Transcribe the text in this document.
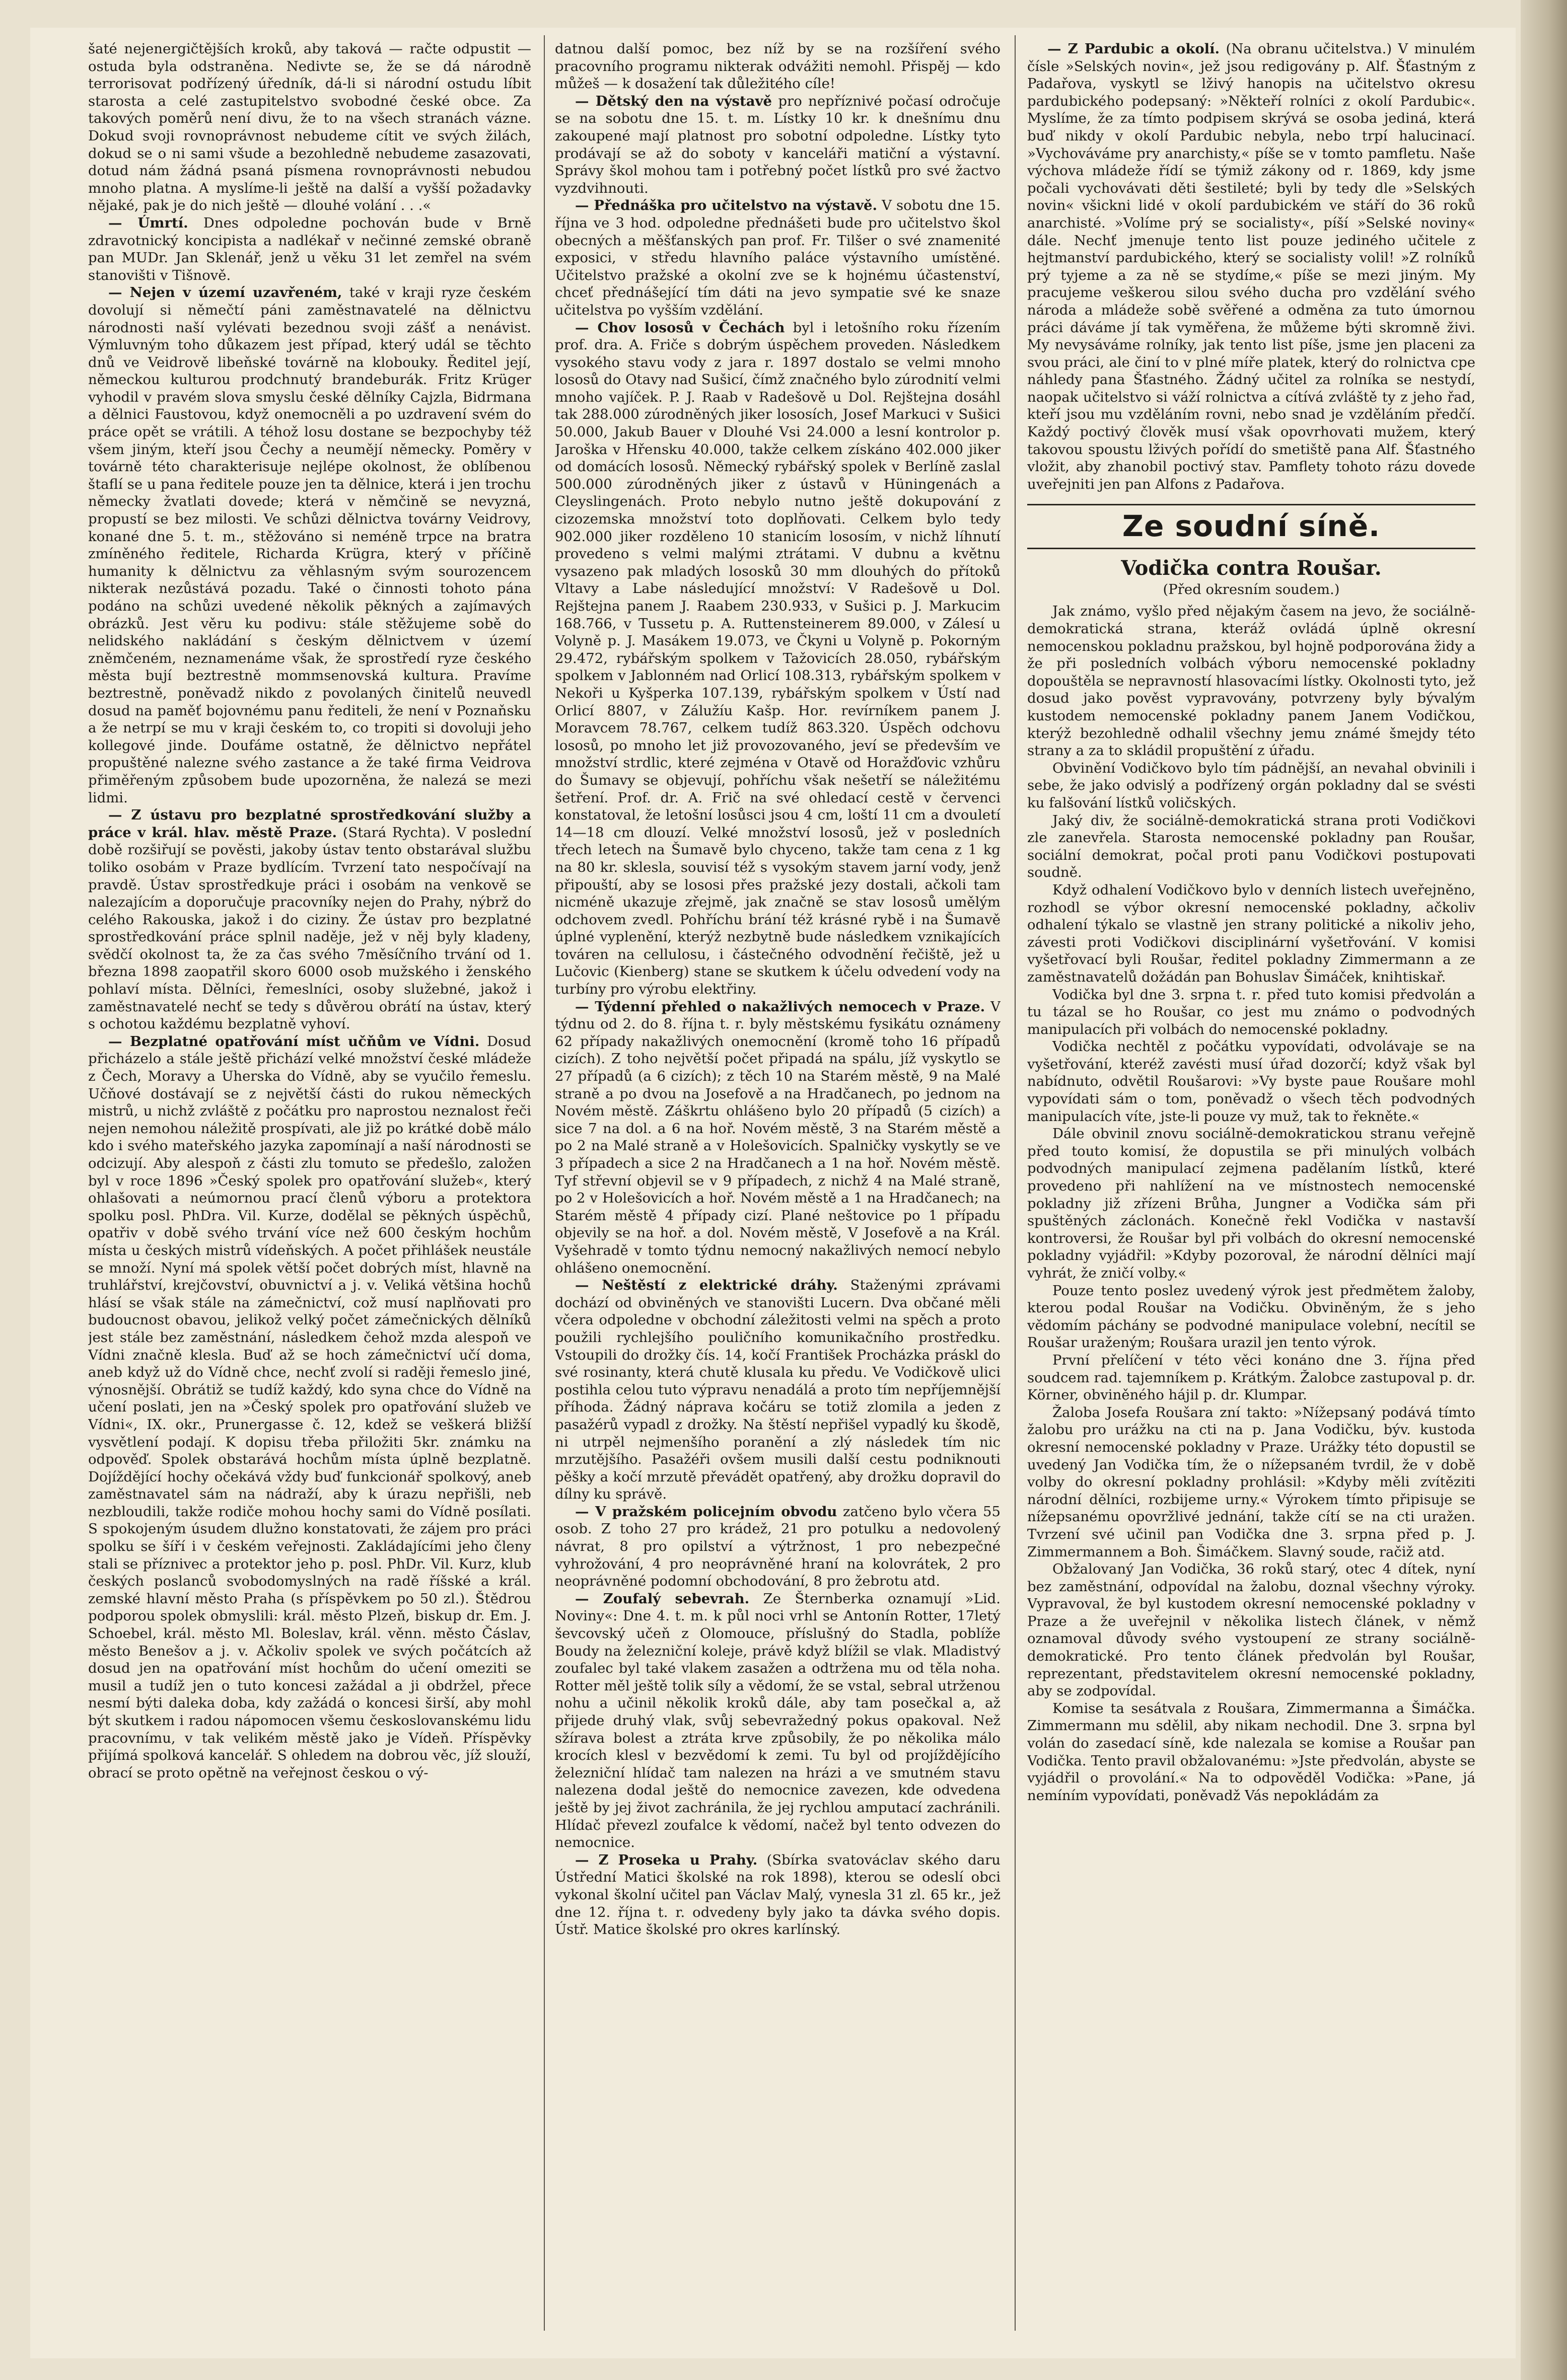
šaté nejenergičtějších kroků, aby taková — račte odpustit — ostuda byla odstraněna. Nedivte se, že se dá národně terrorisovat podřízený úředník, dá-li si národní ostudu líbit starosta a celé zastupitelstvo svobodné české obce. Za takových poměrů není divu, že to na všech stranách vázne. Dokud svoji rovnoprávnost nebudeme cítit ve svých žilách, dokud se o ni sami všude a bezohledně nebudeme zasazovati, dotud nám žádná psaná písmena rovnoprávnosti nebudou mnoho platna. A myslíme-li ještě na další a vyšší požadavky nějaké, pak je do nich ještě — dlouhé volání . . .«

— Úmrtí. Dnes odpoledne pochován bude v Brně zdravotnický koncipista a nadlékař v nečinné zemské obraně pan MUDr. Jan Sklenář, jenž u věku 31 let zemřel na svém stanovišti v Tišnově.

— Nejen v území uzavřeném, také v kraji ryze českém dovolují si němečtí páni zaměstnavatelé na dělnictvu národnosti naší vylévati bezednou svoji zášť a nenávist. Výmluvným toho důkazem jest případ, který udál se těchto dnů ve Veidrově libeňské továrně na klobouky. Ředitel její, německou kulturou prodchnutý brandeburák. Fritz Krüger vyhodil v pravém slova smyslu české dělníky Cajzla, Bidrmana a dělnici Faustovou, když onemocněli a po uzdravení svém do práce opět se vrátili. A téhož losu dostane se bezpochyby též všem jiným, kteří jsou Čechy a neumějí německy. Poměry v továrně této charakterisuje nejlépe okolnost, že oblíbenou štaflí se u pana ředitele pouze jen ta dělnice, která i jen trochu německy žvatlati dovede; která v němčině se nevyzná, propustí se bez milosti. Ve schůzi dělnictva továrny Veidrovy, konané dne 5. t. m., stěžováno si neméně trpce na bratra zmíněného ředitele, Richarda Krügra, který v příčině humanity k dělnictvu za věhlasným svým sourozencem nikterak nezůstává pozadu. Také o činnosti tohoto pána podáno na schůzi uvedené několik pěkných a zajímavých obrázků. Jest věru ku podivu: stále stěžujeme sobě do nelidského nakládání s českým dělnictvem v území zněmčeném, neznamenáme však, že sprostředí ryze českého města bují beztrestně mommsenovská kultura. Pravíme beztrestně, poněvadž nikdo z povolaných činitelů neuvedl dosud na paměť bojovnému panu řediteli, že není v Poznaňsku a že netrpí se mu v kraji českém to, co tropiti si dovoluji jeho kollegové jinde. Doufáme ostatně, že dělnictvo nepřátel propuštěné nalezne svého zastance a že také firma Veidrova přiměřeným způsobem bude upozorněna, že nalezá se mezi lidmi.

— Z ústavu pro bezplatné sprostředkování služby a práce v král. hlav. městě Praze. (Stará Rychta). V poslední době rozšiřují se pověsti, jakoby ústav tento obstarával službu toliko osobám v Praze bydlícím. Tvrzení tato nespočívají na pravdě. Ústav sprostředkuje práci i osobám na venkově se nalezajícím a doporučuje pracovníky nejen do Prahy, nýbrž do celého Rakouska, jakož i do ciziny. Že ústav pro bezplatné sprostředkování práce splnil naděje, jež v něj byly kladeny, svědčí okolnost ta, že za čas svého 7měsíčního trvání od 1. března 1898 zaopatřil skoro 6000 osob mužského i ženského pohlaví místa. Dělníci, řemeslníci, osoby služebné, jakož i zaměstnavatelé nechť se tedy s důvěrou obrátí na ústav, který s ochotou každému bezplatně vyhoví.

— Bezplatné opatřování míst učňům ve Vídni. Dosud přicházelo a stále ještě přichází velké množství české mládeže z Čech, Moravy a Uherska do Vídně, aby se vyučilo řemeslu. Učňové dostávají se z největší části do rukou německých mistrů, u nichž zvláště z počátku pro naprostou neznalost řeči nejen nemohou náležitě prospívati, ale již po krátké době málo kdo i svého mateřského jazyka zapomínají a naší národnosti se odcizují. Aby alespoň z části zlu tomuto se předešlo, založen byl v roce 1896 »Český spolek pro opatřování služeb«, který ohlašovati a neúmornou prací členů výboru a protektora spolku posl. PhDra. Vil. Kurze, dodělal se pěkných úspěchů, opatřiv v době svého trvání více než 600 českým hochům místa u českých mistrů vídeňských. A počet přihlášek neustále se množí. Nyní má spolek větší počet dobrých míst, hlavně na truhlářství, krejčovství, obuvnictví a j. v. Veliká většina hochů hlásí se však stále na zámečnictví, což musí naplňovati pro budoucnost obavou, jelikož velký počet zámečnických dělníků jest stále bez zaměstnání, následkem čehož mzda alespoň ve Vídni značně klesla. Buď až se hoch zámečnictví učí doma, aneb když už do Vídně chce, nechť zvolí si raději řemeslo jiné, výnosnější. Obrátiž se tudíž každý, kdo syna chce do Vídně na učení poslati, jen na »Český spolek pro opatřování služeb ve Vídni«, IX. okr., Prunergasse č. 12, kdež se veškerá bližší vysvětlení podají. K dopisu třeba přiložiti 5kr. známku na odpověď. Spolek obstarává hochům místa úplně bezplatně. Dojíždějící hochy očekává vždy buď funkcionář spolkový, aneb zaměstnavatel sám na nádraží, aby k úrazu nepřišli, neb nezbloudili, takže rodiče mohou hochy sami do Vídně posílati. S spokojeným úsudem dlužno konstatovati, že zájem pro práci spolku se šíří i v českém veřejnosti. Zakládajícími jeho členy stali se příznivec a protektor jeho p. posl. PhDr. Vil. Kurz, klub českých poslanců svobodomyslných na radě říšské a král. zemské hlavní město Praha (s příspěvkem po 50 zl.). Štědrou podporou spolek obmyslili: král. město Plzeň, biskup dr. Em. J. Schoebel, král. město Ml. Boleslav, král. věnn. město Čáslav, město Benešov a j. v. Ačkoliv spolek ve svých počátcích až dosud jen na opatřování míst hochům do učení omeziti se musil a tudíž jen o tuto koncesi zažádal a ji obdržel, přece nesmí býti daleka doba, kdy zažádá o koncesi širší, aby mohl být skutkem i radou nápomocen všemu českoslovanskému lidu pracovnímu, v tak velikém městě jako je Vídeň. Příspěvky přijímá spolková kancelář. S ohledem na dobrou věc, jíž slouží, obrací se proto opětně na veřejnost českou o vý-

datnou další pomoc, bez níž by se na rozšíření svého pracovního programu nikterak odvážiti nemohl. Přispěj — kdo můžeš — k dosažení tak důležitého cíle!

— Dětský den na výstavě pro nepříznivé počasí odročuje se na sobotu dne 15. t. m. Lístky 10 kr. k dnešnímu dnu zakoupené mají platnost pro sobotní odpoledne. Lístky tyto prodávají se až do soboty v kanceláři matiční a výstavní. Správy škol mohou tam i potřebný počet lístků pro své žactvo vyzdvihnouti.

— Přednáška pro učitelstvo na výstavě. V sobotu dne 15. října ve 3 hod. odpoledne přednášeti bude pro učitelstvo škol obecných a měšťanských pan prof. Fr. Tilšer o své znamenité exposici, v středu hlavního paláce výstavního umístěné. Učitelstvo pražské a okolní zve se k hojnému účastenství, chceť přednášející tím dáti na jevo sympatie své ke snaze učitelstva po vyšším vzdělání.

— Chov lososů v Čechách byl i letošního roku řízením prof. dra. A. Friče s dobrým úspěchem proveden. Následkem vysokého stavu vody z jara r. 1897 dostalo se velmi mnoho lososů do Otavy nad Sušicí, čímž značného bylo zúrodnití velmi mnoho vajíček. P. J. Raab v Radešově u Dol. Rejštejna dosáhl tak 288.000 zúrodněných jiker lososích, Josef Markuci v Sušici 50.000, Jakub Bauer v Dlouhé Vsi 24.000 a lesní kontrolor p. Jaroška v Hřensku 40.000, takže celkem získáno 402.000 jiker od domácích lososů. Německý rybářský spolek v Berlíně zaslal 500.000 zúrodněných jiker z ústavů v Hüningenách a Cleyslingenách. Proto nebylo nutno ještě dokupování z cizozemska množství toto doplňovati. Celkem bylo tedy 902.000 jiker rozděleno 10 stanicím lososím, v nichž líhnutí provedeno s velmi malými ztrátami. V dubnu a květnu vysazeno pak mladých lososků 30 mm dlouhých do přítoků Vltavy a Labe následující množství: V Radešově u Dol. Rejštejna panem J. Raabem 230.933, v Sušici p. J. Markucim 168.766, v Tussetu p. A. Ruttensteinerem 89.000, v Zálesí u Volyně p. J. Masákem 19.073, ve Čkyni u Volyně p. Pokorným 29.472, rybářským spolkem v Tažovicích 28.050, rybářským spolkem v Jablonném nad Orlicí 108.313, rybářským spolkem v Nekoři u Kyšperka 107.139, rybářským spolkem v Ústí nad Orlicí 8807, v Zálužíu Kašp. Hor. revírníkem panem J. Moravcem 78.767, celkem tudíž 863.320. Úspěch odchovu lososů, po mnoho let již provozovaného, jeví se především ve množství strdlic, které zejména v Otavě od Horažďovic vzhůru do Šumavy se objevují, pohříchu však nešetří se náležitému šetření. Prof. dr. A. Frič na své ohledací cestě v červenci konstatoval, že letošní losůsci jsou 4 cm, loští 11 cm a dvouletí 14—18 cm dlouzí. Velké množství lososů, jež v posledních třech letech na Šumavě bylo chyceno, takže tam cena z 1 kg na 80 kr. sklesla, souvisí též s vysokým stavem jarní vody, jenž připouští, aby se lososi přes pražské jezy dostali, ačkoli tam nicméně ukazuje zřejmě, jak značně se stav lososů umělým odchovem zvedl. Pohříchu brání též krásné rybě i na Šumavě úplné vyplenění, kterýž nezbytně bude následkem vznikajících továren na cellulosu, i částečného odvodnění řečiště, jež u Lučovic (Kienberg) stane se skutkem k účelu odvedení vody na turbíny pro výrobu elektřiny.

— Týdenní přehled o nakažlivých nemocech v Praze. V týdnu od 2. do 8. října t. r. byly městskému fysikátu oznámeny 62 případy nakažlivých onemocnění (kromě toho 16 případů cizích). Z toho největší počet připadá na spálu, jíž vyskytlo se 27 případů (a 6 cizích); z těch 10 na Starém městě, 9 na Malé straně a po dvou na Josefově a na Hradčanech, po jednom na Novém městě. Záškrtu ohlášeno bylo 20 případů (5 cizích) a sice 7 na dol. a 6 na hoř. Novém městě, 3 na Starém městě a po 2 na Malé straně a v Holešovicích. Spalničky vyskytly se ve 3 případech a sice 2 na Hradčanech a 1 na hoř. Novém městě. Tyf střevní objevil se v 9 případech, z nichž 4 na Malé straně, po 2 v Holešovicích a hoř. Novém městě a 1 na Hradčanech; na Starém městě 4 případy cizí. Plané neštovice po 1 případu objevily se na hoř. a dol. Novém městě, V Josefově a na Král. Vyšehradě v tomto týdnu nemocný nakažlivých nemocí nebylo ohlášeno onemocnění.

— Neštěstí z elektrické dráhy. Staženými zprávami dochází od obviněných ve stanovišti Lucern. Dva občané měli včera odpoledne v obchodní záležitosti velmi na spěch a proto použili rychlejšího pouličního komunikačního prostředku. Vstoupili do drožky čís. 14, kočí František Procházka práskl do své rosinanty, která chutě klusala ku předu. Ve Vodičkově ulici postihla celou tuto výpravu nenadálá a proto tím nepříjemnější příhoda. Žádný náprava kočáru se totiž zlomila a jeden z pasažérů vypadl z drožky. Na štěstí nepřišel vypadlý ku škodě, ni utrpěl nejmenšího poranění a zlý následek tím nic mrzutějšího. Pasažéři ovšem musili další cestu podniknouti pěšky a kočí mrzutě převádět opatřený, aby drožku dopravil do dílny ku správě.

— V pražském policejním obvodu zatčeno bylo včera 55 osob. Z toho 27 pro krádež, 21 pro potulku a nedovolený návrat, 8 pro opilství a výtržnost, 1 pro nebezpečné vyhrožování, 4 pro neoprávněné hraní na kolovrátek, 2 pro neoprávněné podomní obchodování, 8 pro žebrotu atd.

— Zoufalý sebevrah. Ze Šternberka oznamují »Lid. Noviny«: Dne 4. t. m. k půl noci vrhl se Antonín Rotter, 17letý ševcovský učeň z Olomouce, příslušný do Stadla, poblíže Boudy na železniční koleje, právě když blížil se vlak. Mladistvý zoufalec byl také vlakem zasažen a odtržena mu od těla noha. Rotter měl ještě tolik síly a vědomí, že se vstal, sebral utrženou nohu a učinil několik kroků dále, aby tam posečkal a, až přijede druhý vlak, svůj sebevražedný pokus opakoval. Než sžírava bolest a ztráta krve způsobily, že po několika málo krocích klesl v bezvědomí k zemi. Tu byl od projíždějícího železniční hlídač tam nalezen na hrázi a ve smutném stavu nalezena dodal ještě do nemocnice zavezen, kde odvedena ještě by jej život zachránila, že jej rychlou amputací zachránili. Hlídač převezl zoufalce k vědomí, načež byl tento odvezen do nemocnice.

— Z Proseka u Prahy. (Sbírka svatováclav ského daru Ústřední Matici školské na rok 1898), kterou se odeslí obci vykonal školní učitel pan Václav Malý, vynesla 31 zl. 65 kr., jež dne 12. října t. r. odvedeny byly jako ta dávka svého dopis. Ústř. Matice školské pro okres karlínský.

— Z Pardubic a okolí. (Na obranu učitelstva.) V minulém čísle »Selských novin«, jež jsou redigovány p. Alf. Šťastným z Padařova, vyskytl se lživý hanopis na učitelstvo okresu pardubického podepsaný: »Někteří rolníci z okolí Pardubic«. Myslíme, že za tímto podpisem skrývá se osoba jediná, která buď nikdy v okolí Pardubic nebyla, nebo trpí halucinací. »Vychováváme pry anarchisty,« píše se v tomto pamfletu. Naše výchova mládeže řídí se týmiž zákony od r. 1869, kdy jsme počali vychovávati děti šestileté; byli by tedy dle »Selských novin« všickni lidé v okolí pardubickém ve stáří do 36 roků anarchisté. »Volíme prý se socialisty«, píší »Selské noviny« dále. Nechť jmenuje tento list pouze jediného učitele z hejtmanství pardubického, který se socialisty volil! »Z rolníků prý tyjeme a za ně se stydíme,« píše se mezi jiným. My pracujeme veškerou silou svého ducha pro vzdělání svého národa a mládeže sobě svěřené a odměna za tuto úmornou práci dáváme jí tak vyměřena, že můžeme býti skromně živi. My nevysáváme rolníky, jak tento list píše, jsme jen placeni za svou práci, ale činí to v plné míře platek, který do rolnictva cpe náhledy pana Šťastného. Žádný učitel za rolníka se nestydí, naopak učitelstvo si váží rolnictva a cítívá zvláště ty z jeho řad, kteří jsou mu vzděláním rovni, nebo snad je vzděláním předčí. Každý poctivý člověk musí však opovrhovati mužem, který takovou spoustu lživých pořídí do smetiště pana Alf. Šťastného vložit, aby zhanobil poctivý stav. Pamflety tohoto rázu dovede uveřejniti jen pan Alfons z Padařova.

Ze soudní síně.
Vodička contra Roušar.
(Před okresním soudem.)

Jak známo, vyšlo před nějakým časem na jevo, že sociálně-demokratická strana, kteráž ovládá úplně okresní nemocenskou pokladnu pražskou, byl hojně podporována židy a že při posledních volbách výboru nemocenské pokladny dopouštěla se nepravností hlasovacími lístky. Okolnosti tyto, jež dosud jako pověst vypravovány, potvrzeny byly bývalým kustodem nemocenské pokladny panem Janem Vodičkou, kterýž bezohledně odhalil všechny jemu známé šmejdy této strany a za to skládil propuštění z úřadu.

Obvinění Vodičkovo bylo tím pádnější, an nevahal obvinili i sebe, že jako odvislý a podřízený orgán pokladny dal se svésti ku falšování lístků voličských.

Jaký div, že sociálně-demokratická strana proti Vodičkovi zle zanevřela. Starosta nemocenské pokladny pan Roušar, sociální demokrat, počal proti panu Vodičkovi postupovati soudně.

Když odhalení Vodičkovo bylo v denních listech uveřejněno, rozhodl se výbor okresní nemocenské pokladny, ačkoliv odhalení týkalo se vlastně jen strany politické a nikoliv jeho, závesti proti Vodičkovi disciplinární vyšetřování. V komisi vyšetřovací byli Roušar, ředitel pokladny Zimmermann a ze zaměstnavatelů dožádán pan Bohuslav Šimáček, knihtiskař.

Vodička byl dne 3. srpna t. r. před tuto komisi předvolán a tu tázal se ho Roušar, co jest mu známo o podvodných manipulacích při volbách do nemocenské pokladny.

Vodička nechtěl z počátku vypovídati, odvolávaje se na vyšetřování, kteréž zavésti musí úřad dozorčí; když však byl nabídnuto, odvětil Roušarovi: »Vy byste paue Roušare mohl vypovídati sám o tom, poněvadž o všech těch podvodných manipulacích víte, jste-li pouze vy muž, tak to řekněte.«

Dále obvinil znovu sociálně-demokratickou stranu veřejně před touto komisí, že dopustila se při minulých volbách podvodných manipulací zejmena padělaním lístků, které provedeno při nahlížení na ve místnostech nemocenské pokladny již zřízeni Brůha, Jungner a Vodička sám při spuštěných záclonách. Konečně řekl Vodička v nastavší kontroversi, že Roušar byl při volbách do okresní nemocenské pokladny vyjádřil: »Kdyby pozoroval, že národní dělníci mají vyhrát, že zničí volby.«

Pouze tento poslez uvedený výrok jest předmětem žaloby, kterou podal Roušar na Vodičku. Obviněným, že s jeho vědomím páchány se podvodné manipulace volební, necítil se Roušar uraženým; Roušara urazil jen tento výrok.

První přelíčení v této věci konáno dne 3. října před soudcem rad. tajemníkem p. Krátkým. Žalobce zastupoval p. dr. Körner, obviněného hájil p. dr. Klumpar.

Žaloba Josefa Roušara zní takto: »Nížepsaný podává tímto žalobu pro urážku na cti na p. Jana Vodičku, býv. kustoda okresní nemocenské pokladny v Praze. Urážky této dopustil se uvedený Jan Vodička tím, že o nížepsaném tvrdil, že v době volby do okresní pokladny prohlásil: »Kdyby měli zvítěziti národní dělníci, rozbijeme urny.« Výrokem tímto připisuje se nížepsanému opovržlivé jednání, takže cítí se na cti uražen. Tvrzení své učinil pan Vodička dne 3. srpna před p. J. Zimmermannem a Boh. Šimáčkem. Slavný soude, račiž atd.

Obžalovaný Jan Vodička, 36 roků starý, otec 4 dítek, nyní bez zaměstnání, odpovídal na žalobu, doznal všechny výroky. Vypravoval, že byl kustodem okresní nemocenské pokladny v Praze a že uveřejnil v několika listech článek, v němž oznamoval důvody svého vystoupení ze strany sociálně-demokratické. Pro tento článek předvolán byl Roušar, reprezentant, představitelem okresní nemocenské pokladny, aby se zodpovídal.

Komise ta sesátvala z Roušara, Zimmermanna a Šimáčka. Zimmermann mu sdělil, aby nikam nechodil. Dne 3. srpna byl volán do zasedací síně, kde nalezala se komise a Roušar pan Vodička. Tento pravil obžalovanému: »Jste předvolán, abyste se vyjádřil o provolání.« Na to odpověděl Vodička: »Pane, já nemíním vypovídati, poněvadž Vás nepokládám za
